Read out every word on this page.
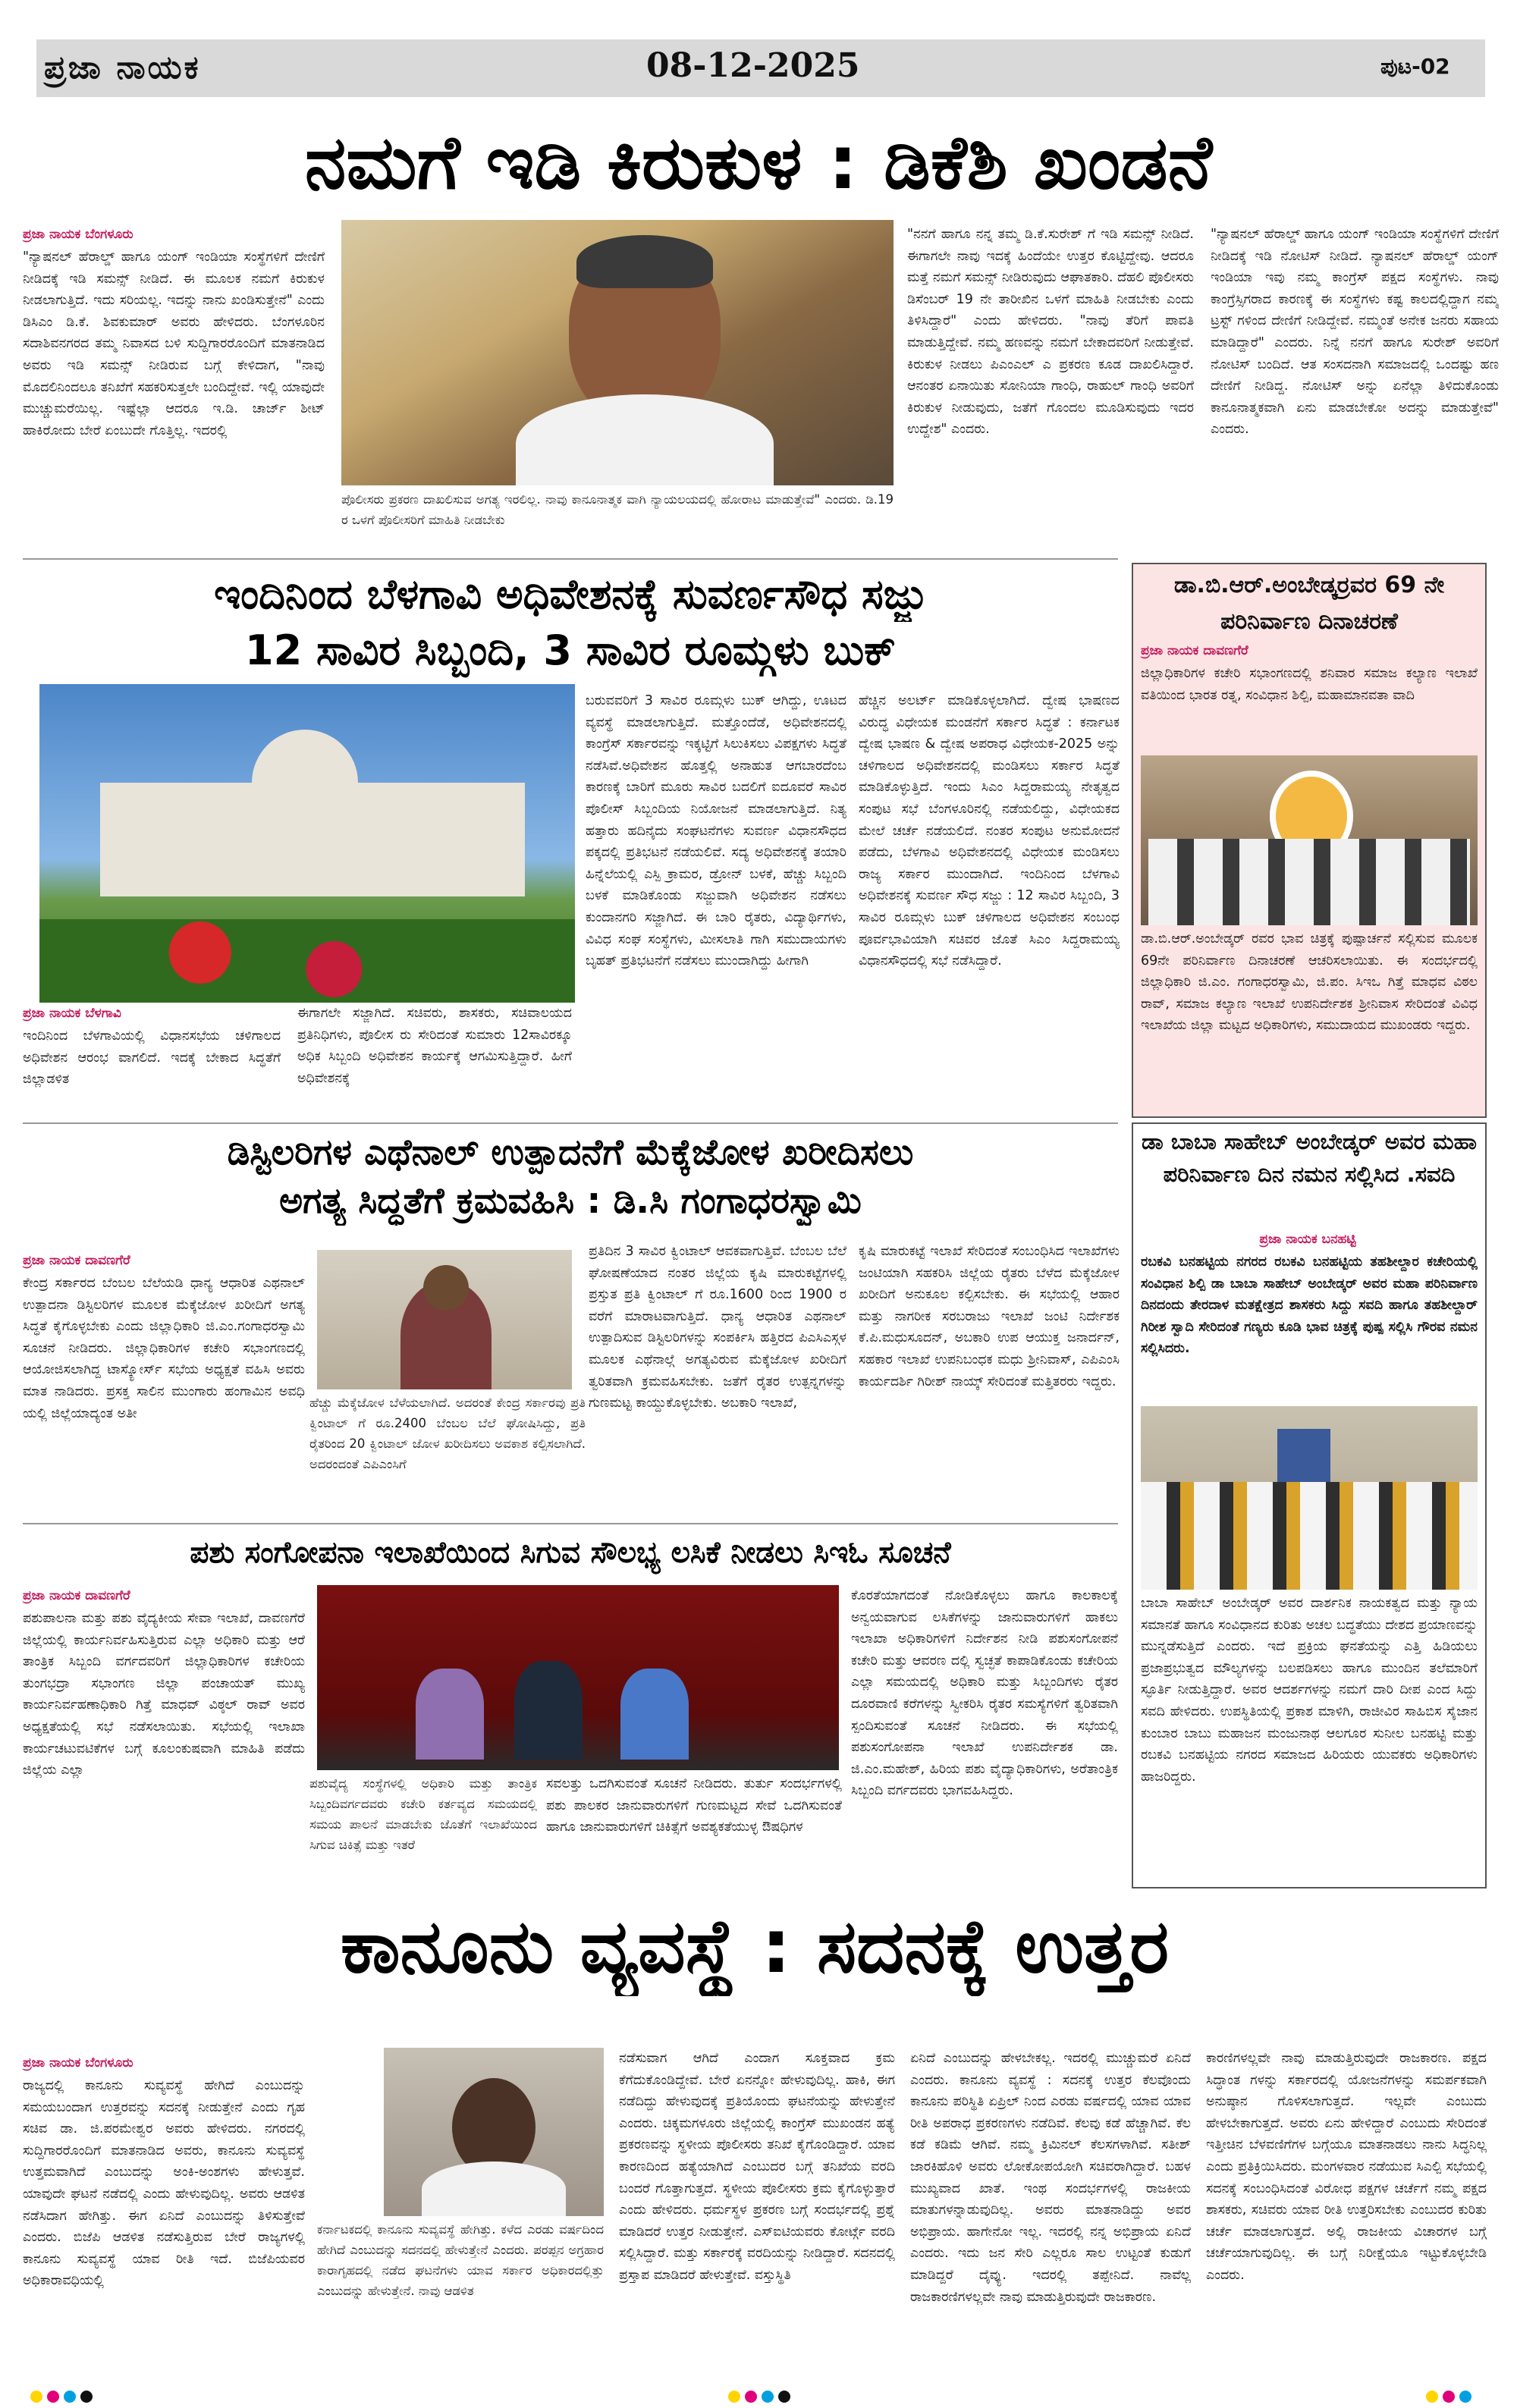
ಪ್ರಜಾ ನಾಯಕ	08-12-2025	ಪುಟ-02
ನಮಗೆ ಇಡಿ ಕಿರುಕುಳ : ಡಿಕೆಶಿ ಖಂಡನೆ
ಪ್ರಜಾ ನಾಯಕ ಬೆಂಗಳೂರು
"ನ್ಯಾಷನಲ್ ಹೆರಾಲ್ಡ್ ಹಾಗೂ ಯಂಗ್ ಇಂಡಿಯಾ ಸಂಸ್ಥೆಗಳಿಗೆ ದೇಣಿಗೆ ನೀಡಿದಕ್ಕೆ ಇಡಿ ಸಮನ್ಸ್ ನೀಡಿದೆ. ಈ ಮೂಲಕ ನಮಗೆ ಕಿರುಕುಳ ನೀಡಲಾಗುತ್ತಿದೆ. ಇದು ಸರಿಯಲ್ಲ. ಇದನ್ನು ನಾನು ಖಂಡಿಸುತ್ತೇನೆ" ಎಂದು ಡಿಸಿಎಂ ಡಿ.ಕೆ. ಶಿವಕುಮಾರ್ ಅವರು ಹೇಳಿದರು. ಬೆಂಗಳೂರಿನ ಸದಾಶಿವನಗರದ ತಮ್ಮ ನಿವಾಸದ ಬಳಿ ಸುದ್ದಿಗಾರರೊಂದಿಗೆ ಮಾತನಾಡಿದ ಅವರು ಇಡಿ ಸಮನ್ಸ್ ನೀಡಿರುವ ಬಗ್ಗೆ ಕೇಳಿದಾಗ, "ನಾವು ಮೊದಲಿನಿಂದಲೂ ತನಿಖೆಗೆ ಸಹಕರಿಸುತ್ತಲೇ ಬಂದಿದ್ದೇವೆ. ಇಲ್ಲಿ ಯಾವುದೇ ಮುಚ್ಚುಮರೆಯಿಲ್ಲ. ಇಷ್ಟೆಲ್ಲಾ ಆದರೂ ಇ.ಡಿ. ಚಾರ್ಜ್ ಶೀಟ್ ಹಾಕಿರೋದು ಬೇರೆ ಏಂಬುದೇ ಗೊತ್ತಿಲ್ಲ. ಇದರಲ್ಲಿ
ಪೊಲೀಸರು ಪ್ರಕರಣ ದಾಖಲಿಸುವ ಅಗತ್ಯ ಇರಲಿಲ್ಲ. ನಾವು ಕಾನೂನಾತ್ಮಕ ವಾಗಿ ನ್ಯಾಯಲಯದಲ್ಲಿ ಹೋರಾಟ ಮಾಡುತ್ತೇವೆ" ಎಂದರು. ಡಿ.19 ರ ಒಳಗೆ ಪೊಲೀಸರಿಗೆ ಮಾಹಿತಿ ನೀಡಬೇಕು
"ನನಗೆ ಹಾಗೂ ನನ್ನ ತಮ್ಮ ಡಿ.ಕೆ.ಸುರೇಶ್ ಗೆ ಇಡಿ ಸಮನ್ಸ್ ನೀಡಿದೆ. ಈಗಾಗಲೇ ನಾವು ಇದಕ್ಕೆ ಹಿಂದೆಯೇ ಉತ್ತರ ಕೊಟ್ಟಿದ್ದೇವು. ಆದರೂ ಮತ್ತೆ ನಮಗೆ ಸಮನ್ಸ್ ನೀಡಿರುವುದು ಆಘಾತಕಾರಿ. ದೆಹಲಿ ಪೊಲೀಸರು ಡಿಸೆಂಬರ್ 19 ನೇ ತಾರೀಖಿನ ಒಳಗೆ ಮಾಹಿತಿ ನೀಡಬೇಕು ಎಂದು ತಿಳಿಸಿದ್ದಾರೆ" ಎಂದು ಹೇಳಿದರು. "ನಾವು ತೆರಿಗೆ ಪಾವತಿ ಮಾಡುತ್ತಿದ್ದೇವೆ. ನಮ್ಮ ಹಣವನ್ನು ನಮಗೆ ಬೇಕಾದವರಿಗೆ ನೀಡುತ್ತೇವೆ. ಕಿರುಕುಳ ನೀಡಲು ಪಿಎಂಎಲ್ ಎ ಪ್ರಕರಣ ಕೂಡ ದಾಖಲಿಸಿದ್ದಾರೆ. ಆನಂತರ ಏನಾಯಿತು ಸೋನಿಯಾ ಗಾಂಧಿ, ರಾಹುಲ್ ಗಾಂಧಿ ಅವರಿಗೆ ಕಿರುಕುಳ ನೀಡುವುದು, ಜತೆಗೆ ಗೊಂದಲ ಮೂಡಿಸುವುದು ಇದರ ಉದ್ದೇಶ" ಎಂದರು.
"ನ್ಯಾಷನಲ್ ಹೆರಾಲ್ಡ್ ಹಾಗೂ ಯಂಗ್ ಇಂಡಿಯಾ ಸಂಸ್ಥೆಗಳಿಗೆ ದೇಣಿಗೆ ನೀಡಿದಕ್ಕೆ ಇಡಿ ನೋಟಿಸ್ ನೀಡಿದೆ. ನ್ಯಾಷನಲ್ ಹೆರಾಲ್ಡ್ ಯಂಗ್ ಇಂಡಿಯಾ ಇವು ನಮ್ಮ ಕಾಂಗ್ರೆಸ್ ಪಕ್ಷದ ಸಂಸ್ಥೆಗಳು. ನಾವು ಕಾಂಗ್ರೆಸ್ಸಿಗರಾದ ಕಾರಣಕ್ಕೆ ಈ ಸಂಸ್ಥೆಗಳು ಕಷ್ಟ ಕಾಲದಲ್ಲಿದ್ದಾಗ ನಮ್ಮ ಟ್ರಸ್ಟ್ ಗಳಿಂದ ದೇಣಿಗೆ ನೀಡಿದ್ದೇವೆ. ನಮ್ಮಂತೆ ಅನೇಕ ಜನರು ಸಹಾಯ ಮಾಡಿದ್ದಾರೆ" ಎಂದರು. ನಿನ್ನೆ ನನಗೆ ಹಾಗೂ ಸುರೇಶ್ ಅವರಿಗೆ ನೋಟಿಸ್ ಬಂದಿದೆ. ಆತ ಸಂಸದನಾಗಿ ಸಮಾಜದಲ್ಲಿ ಒಂದಷ್ಟು ಹಣ ದೇಣಿಗೆ ನೀಡಿದ್ದ. ನೋಟಿಸ್ ಅನ್ನು ಏನೆಲ್ಲಾ ತಿಳಿದುಕೊಂಡು ಕಾನೂನಾತ್ಮಕವಾಗಿ ಏನು ಮಾಡಬೇಕೋ ಅದನ್ನು ಮಾಡುತ್ತೇವೆ" ಎಂದರು.
ಇಂದಿನಿಂದ ಬೆಳಗಾವಿ ಅಧಿವೇಶನಕ್ಕೆ ಸುವರ್ಣಸೌಧ ಸಜ್ಜು
12 ಸಾವಿರ ಸಿಬ್ಬಂದಿ, 3 ಸಾವಿರ ರೂಮ್ಗಳು ಬುಕ್
ಪ್ರಜಾ ನಾಯಕ ಬೆಳಗಾವಿ
ಇಂದಿನಿಂದ ಬೆಳಗಾವಿಯಲ್ಲಿ ವಿಧಾನಸಭೆಯ ಚಳಿಗಾಲದ ಅಧಿವೇಶನ ಆರಂಭ ವಾಗಲಿದೆ. ಇದಕ್ಕೆ ಬೇಕಾದ ಸಿದ್ಧತೆಗೆ ಜಿಲ್ಲಾಡಳಿತ
ಈಗಾಗಲೇ ಸಜ್ಜಾಗಿದೆ. ಸಚಿವರು, ಶಾಸಕರು, ಸಚಿವಾಲಯದ ಪ್ರತಿನಿಧಿಗಳು, ಪೊಲೀಸ ರು ಸೇರಿದಂತೆ ಸುಮಾರು 12ಸಾವಿರಕ್ಕೂ ಅಧಿಕ ಸಿಬ್ಬಂದಿ ಅಧಿವೇಶನ ಕಾರ್ಯಕ್ಕೆ ಆಗಮಿಸುತ್ತಿದ್ದಾರೆ. ಹೀಗೆ ಅಧಿವೇಶನಕ್ಕೆ
ಬರುವವರಿಗೆ 3 ಸಾವಿರ ರೂಮ್ಗಳು ಬುಕ್ ಆಗಿದ್ದು, ಊಟದ ವ್ಯವಸ್ಥೆ ಮಾಡಲಾಗುತ್ತಿದೆ. ಮತ್ತೊಂದೆಡೆ, ಅಧಿವೇಶನದಲ್ಲಿ ಕಾಂಗ್ರೆಸ್ ಸರ್ಕಾರವನ್ನು ಇಕ್ಕಟ್ಟಿಗೆ ಸಿಲುಕಿಸಲು ವಿಪಕ್ಷಗಳು ಸಿದ್ಧತೆ ನಡೆಸಿವೆ.ಅಧಿವೇಶನ ಹೊತ್ತಲ್ಲಿ ಅನಾಹುತ ಆಗಬಾರದೆಂಬ ಕಾರಣಕ್ಕೆ ಬಾರಿಗೆ ಮೂರು ಸಾವಿರ ಬದಲಿಗೆ ಐದೂವರೆ ಸಾವಿರ ಪೊಲೀಸ್ ಸಿಬ್ಬಂದಿಯ ನಿಯೋಜನೆ ಮಾಡಲಾಗುತ್ತಿದೆ. ನಿತ್ಯ ಹತ್ತಾರು ಹದಿನೈದು ಸಂಘಟನೆಗಳು ಸುವರ್ಣ ವಿಧಾನಸೌಧದ ಪಕ್ಕದಲ್ಲಿ ಪ್ರತಿಭಟನೆ ನಡೆಯಲಿವೆ. ಸದ್ಯ ಅಧಿವೇಶನಕ್ಕೆ ತಯಾರಿ ಹಿನ್ನೆಲೆಯಲ್ಲಿ ಎಸ್ಪಿ ಕ್ರಾಮರ, ಡ್ರೋನ್ ಬಳಕೆ, ಹೆಚ್ಚು ಸಿಬ್ಬಂದಿ ಬಳಕೆ ಮಾಡಿಕೊಂಡು ಸಜ್ಜುವಾಗಿ ಅಧಿವೇಶನ ನಡೆಸಲು ಕುಂದಾನಗರಿ ಸಜ್ಜಾಗಿದೆ. ಈ ಬಾರಿ ರೈತರು, ವಿದ್ಯಾರ್ಥಿಗಳು, ವಿವಿಧ ಸಂಘ ಸಂಸ್ಥೆಗಳು, ಮೀಸಲಾತಿ ಗಾಗಿ ಸಮುದಾಯಗಳು ಬೃಹತ್ ಪ್ರತಿಭಟನೆಗೆ ನಡೆಸಲು ಮುಂದಾಗಿದ್ದು ಹೀಗಾಗಿ
ಹೆಚ್ಚಿನ ಅಲರ್ಟ್ ಮಾಡಿಕೊಳ್ಳಲಾಗಿದೆ. ದ್ವೇಷ ಭಾಷಣದ ವಿರುದ್ಧ ವಿಧೇಯಕ ಮಂಡನೆಗೆ ಸರ್ಕಾರ ಸಿದ್ಧತೆ : ಕರ್ನಾಟಕ ದ್ವೇಷ ಭಾಷಣ & ದ್ವೇಷ ಅಪರಾಧ ವಿಧೇಯಕ-2025 ಅನ್ನು ಚಳಿಗಾಲದ ಅಧಿವೇಶನದಲ್ಲಿ ಮಂಡಿಸಲು ಸರ್ಕಾರ ಸಿದ್ಧತೆ ಮಾಡಿಕೊಳ್ಳುತ್ತಿದೆ. ಇಂದು ಸಿಎಂ ಸಿದ್ದರಾಮಯ್ಯ ನೇತೃತ್ವದ ಸಂಪುಟ ಸಭೆ ಬೆಂಗಳೂರಿನಲ್ಲಿ ನಡೆಯಲಿದ್ದು, ವಿಧೇಯಕದ ಮೇಲೆ ಚರ್ಚೆ ನಡೆಯಲಿದೆ. ನಂತರ ಸಂಪುಟ ಅನುಮೋದನೆ ಪಡೆದು, ಬೆಳಗಾವಿ ಅಧಿವೇಶನದಲ್ಲಿ ವಿಧೇಯಕ ಮಂಡಿಸಲು ರಾಜ್ಯ ಸರ್ಕಾರ ಮುಂದಾಗಿದೆ. ಇಂದಿನಿಂದ ಬೆಳಗಾವಿ ಅಧಿವೇಶನಕ್ಕೆ ಸುವರ್ಣ ಸೌಧ ಸಜ್ಜು : 12 ಸಾವಿರ ಸಿಬ್ಬಂದಿ, 3 ಸಾವಿರ ರೂಮ್ಗಳು ಬುಕ್ ಚಳಿಗಾಲದ ಅಧಿವೇಶನ ಸಂಬಂಧ ಪೂರ್ವಭಾವಿಯಾಗಿ ಸಚಿವರ ಜೊತೆ ಸಿಎಂ ಸಿದ್ದರಾಮಯ್ಯ ವಿಧಾನಸೌಧದಲ್ಲಿ ಸಭೆ ನಡೆಸಿದ್ದಾರೆ.
ಡಾ.ಬಿ.ಆರ್.ಅಂಬೇಡ್ಕರ್ರವರ 69 ನೇ ಪರಿನಿರ್ವಾಣ ದಿನಾಚರಣೆ
ಪ್ರಜಾ ನಾಯಕ ದಾವಣಗೆರೆ
ಜಿಲ್ಲಾಧಿಕಾರಿಗಳ ಕಚೇರಿ ಸಭಾಂಗಣದಲ್ಲಿ ಶನಿವಾರ ಸಮಾಜ ಕಲ್ಯಾಣ ಇಲಾಖೆ ವತಿಯಿಂದ ಭಾರತ ರತ್ನ, ಸಂವಿಧಾನ ಶಿಲ್ಪಿ, ಮಹಾಮಾನವತಾ ವಾದಿ
ಡಾ.ಬಿ.ಆರ್.ಅಂಬೇಡ್ಕರ್ ರವರ ಭಾವ ಚಿತ್ರಕ್ಕೆ ಪುಷ್ಪಾರ್ಚನೆ ಸಲ್ಲಿಸುವ ಮೂಲಕ 69ನೇ ಪರಿನಿರ್ವಾಣ ದಿನಾಚರಣೆ ಆಚರಿಸಲಾಯಿತು. ಈ ಸಂದರ್ಭದಲ್ಲಿ ಜಿಲ್ಲಾಧಿಕಾರಿ ಜಿ.ಎಂ. ಗಂಗಾಧರಸ್ವಾಮಿ, ಜಿ.ಪಂ. ಸಿಇಒ ಗಿತ್ತೆ ಮಾಧವ ವಿಠಲ ರಾವ್, ಸಮಾಜ ಕಲ್ಯಾಣ ಇಲಾಖೆ ಉಪನಿರ್ದೇಶಕ ಶ್ರೀನಿವಾಸ ಸೇರಿದಂತೆ ವಿವಿಧ ಇಲಾಖೆಯ ಜಿಲ್ಲಾ ಮಟ್ಟದ ಅಧಿಕಾರಿಗಳು, ಸಮುದಾಯದ ಮುಖಂಡರು ಇದ್ದರು.
ಡಿಸ್ಟಿಲರಿಗಳ ಎಥೆನಾಲ್ ಉತ್ಪಾದನೆಗೆ ಮೆಕ್ಕೆಜೋಳ ಖರೀದಿಸಲು
ಅಗತ್ಯ ಸಿದ್ಧತೆಗೆ ಕ್ರಮವಹಿಸಿ : ಡಿ.ಸಿ ಗಂಗಾಧರಸ್ವಾಮಿ
ಪ್ರಜಾ ನಾಯಕ ದಾವಣಗೆರೆ
ಕೇಂದ್ರ ಸರ್ಕಾರದ ಬೆಂಬಲ ಬೆಲೆಯಡಿ ಧಾನ್ಯ ಆಧಾರಿತ ಎಥನಾಲ್ ಉತ್ಪಾದನಾ ಡಿಸ್ಟಿಲರಿಗಳ ಮೂಲಕ ಮೆಕ್ಕೆಜೋಳ ಖರೀದಿಗೆ ಅಗತ್ಯ ಸಿದ್ಧತೆ ಕೈಗೊಳ್ಳಬೇಕು ಎಂದು ಜಿಲ್ಲಾಧಿಕಾರಿ ಜಿ.ಎಂ.ಗಂಗಾಧರಸ್ವಾಮಿ ಸೂಚನೆ ನೀಡಿದರು. ಜಿಲ್ಲಾಧಿಕಾರಿಗಳ ಕಚೇರಿ ಸಭಾಂಗಣದಲ್ಲಿ ಆಯೋಜಿಸಲಾಗಿದ್ದ ಟಾಸ್ಕ್ಫೋರ್ಸ್ ಸಭೆಯ ಅಧ್ಯಕ್ಷತೆ ವಹಿಸಿ ಅವರು ಮಾತ ನಾಡಿದರು. ಪ್ರಸಕ್ತ ಸಾಲಿನ ಮುಂಗಾರು ಹಂಗಾಮಿನ ಅವಧಿ ಯಲ್ಲಿ ಜಿಲ್ಲೆಯಾದ್ಯಂತ ಅತೀ
ಹೆಚ್ಚು ಮೆಕ್ಕೆಜೋಳ ಬೆಳೆಯಲಾಗಿದೆ. ಅದರಂತೆ ಕೇಂದ್ರ ಸರ್ಕಾರವು ಪ್ರತಿ ಕ್ವಿಂಟಾಲ್ ಗೆ ರೂ.2400 ಬೆಂಬಲ ಬೆಲೆ ಘೋಷಿಸಿದ್ದು, ಪ್ರತಿ ರೈತರಿಂದ 20 ಕ್ವಿಂಟಾಲ್ ಜೋಳ ಖರೀದಿಸಲು ಅವಕಾಶ ಕಲ್ಪಿಸಲಾಗಿದೆ. ಅದರಂದಂತೆ ಎಪಿಎಂಸಿಗೆ
ಪ್ರತಿದಿನ 3 ಸಾವಿರ ಕ್ವಿಂಟಾಲ್ ಆವಕವಾಗುತ್ತಿವೆ. ಬೆಂಬಲ ಬೆಲೆ ಘೋಷಣೆಯಾದ ನಂತರ ಜಿಲ್ಲೆಯ ಕೃಷಿ ಮಾರುಕಟ್ಟೆಗಳಲ್ಲಿ ಪ್ರಸ್ತುತ ಪ್ರತಿ ಕ್ವಿಂಟಾಲ್ ಗೆ ರೂ.1600 ರಿಂದ 1900 ರ ವರೆಗೆ ಮಾರಾಟವಾಗುತ್ತಿದೆ. ಧಾನ್ಯ ಆಧಾರಿತ ಎಥನಾಲ್ ಉತ್ಪಾದಿಸುವ ಡಿಸ್ಟಿಲರಿಗಳನ್ನು ಸಂಪರ್ಕಿಸಿ ಹತ್ತಿರದ ಪಿಎಸಿಎಸ್ಗಳ ಮೂಲಕ ಎಥೆನಾಲ್ಗೆ ಅಗತ್ಯವಿರುವ ಮೆಕ್ಕೆಜೋಳ ಖರೀದಿಗೆ ತ್ವರಿತವಾಗಿ ಕ್ರಮವಹಿಸಬೇಕು. ಜತೆಗೆ ರೈತರ ಉತ್ಪನ್ನಗಳನ್ನು ಗುಣಮಟ್ಟ ಕಾಯ್ದುಕೊಳ್ಳಬೇಕು. ಅಬಕಾರಿ ಇಲಾಖೆ,
ಕೃಷಿ ಮಾರುಕಟ್ಟೆ ಇಲಾಖೆ ಸೇರಿದಂತೆ ಸಂಬಂಧಿಸಿದ ಇಲಾಖೆಗಳು ಜಂಟಿಯಾಗಿ ಸಹಕರಿಸಿ ಜಿಲ್ಲೆಯ ರೈತರು ಬೆಳೆದ ಮೆಕ್ಕೆಜೋಳ ಖರೀದಿಗೆ ಅನುಕೂಲ ಕಲ್ಪಿಸಬೇಕು. ಈ ಸಭೆಯಲ್ಲಿ ಆಹಾರ ಮತ್ತು ನಾಗರೀಕ ಸರಬರಾಜು ಇಲಾಖೆ ಜಂಟಿ ನಿರ್ದೇಶಕ ಕೆ.ಪಿ.ಮಧುಸೂದನ್, ಅಬಕಾರಿ ಉಪ ಆಯುಕ್ತ ಜನಾರ್ದನ್, ಸಹಕಾರ ಇಲಾಖೆ ಉಪನಿಬಂಧಕ ಮಧು ಶ್ರೀನಿವಾಸ್, ಎಪಿಎಂಸಿ ಕಾರ್ಯದರ್ಶಿ ಗಿರೀಶ್ ನಾಯ್ಕ್ ಸೇರಿದಂತೆ ಮತ್ತಿತರರು ಇದ್ದರು.
ಡಾ ಬಾಬಾ ಸಾಹೇಬ್ ಅಂಬೇಡ್ಕರ್ ಅವರ ಮಹಾ ಪರಿನಿರ್ವಾಣ ದಿನ ನಮನ ಸಲ್ಲಿಸಿದ .ಸವದಿ
ಪ್ರಜಾ ನಾಯಕ ಬನಹಟ್ಟಿ
ರಬಕವಿ ಬನಹಟ್ಟಿಯ ನಗರದ ರಬಕವಿ ಬನಹಟ್ಟಿಯ ತಹಶೀಲ್ದಾರ ಕಚೇರಿಯಲ್ಲಿ ಸಂವಿಧಾನ ಶಿಲ್ಪಿ ಡಾ ಬಾಬಾ ಸಾಹೇಬ್ ಅಂಬೇಡ್ಕರ್ ಅವರ ಮಹಾ ಪರಿನಿರ್ವಾಣ ದಿನದಂದು ತೇರದಾಳ ಮತಕ್ಷೇತ್ರದ ಶಾಸಕರು ಸಿದ್ದು ಸವದಿ ಹಾಗೂ ತಹಶೀಲ್ದಾರ್ ಗಿರೀಶ ಸ್ವಾದಿ ಸೇರಿದಂತೆ ಗಣ್ಯರು ಕೂಡಿ ಭಾವ ಚಿತ್ರಕ್ಕೆ ಪುಷ್ಪ ಸಲ್ಲಿಸಿ ಗೌರವ ನಮನ ಸಲ್ಲಿಸಿದರು.
ಬಾಬಾ ಸಾಹೇಬ್ ಅಂಬೇಡ್ಕರ್ ಅವರ ದಾರ್ಶನಿಕ ನಾಯಕತ್ವದ ಮತ್ತು ನ್ಯಾಯ ಸಮಾನತೆ ಹಾಗೂ ಸಂವಿಧಾನದ ಕುರಿತು ಅಚಲ ಬದ್ಧತೆಯು ದೇಶದ ಪ್ರಯಾಣವನ್ನು ಮುನ್ನಡೆಸುತ್ತಿದೆ ಎಂದರು. ಇದೆ ಪ್ರಕ್ರಿಯ ಘನತೆಯನ್ನು ಎತ್ತಿ ಹಿಡಿಯಲು ಪ್ರಜಾಪ್ರಭುತ್ವದ ಮೌಲ್ಯಗಳನ್ನು ಬಲಪಡಿಸಲು ಹಾಗೂ ಮುಂದಿನ ತಲೆಮಾರಿಗೆ ಸ್ಫೂರ್ತಿ ನೀಡುತ್ತಿದ್ದಾರೆ. ಅವರ ಆದರ್ಶಗಳನ್ನು ನಮಗೆ ದಾರಿ ದೀಪ ಎಂದ ಸಿದ್ದು ಸವದಿ ಹೇಳಿದರು. ಉಪಸ್ಥಿತಿಯಲ್ಲಿ ಪ್ರಕಾಶ ಮಾಳಿಗಿ, ರಾಜೀವಿರ ಸಾಹಿಬಿಸ ಸೈಜಾನ ಕುಂಬಾರ ಬಾಬು ಮಹಾಜನ ಮಂಜುನಾಥ ಆಲಗೂರ ಸುನೀಲ ಬನಹಟ್ಟಿ ಮತ್ತು ರಬಕವಿ ಬನಹಟ್ಟಿಯ ನಗರದ ಸಮಾಜದ ಹಿರಿಯರು ಯುವಕರು ಅಧಿಕಾರಿಗಳು ಹಾಜರಿದ್ದರು.
ಪಶು ಸಂಗೋಪನಾ ಇಲಾಖೆಯಿಂದ ಸಿಗುವ ಸೌಲಭ್ಯ ಲಸಿಕೆ ನೀಡಲು ಸಿಇಓ ಸೂಚನೆ
ಪ್ರಜಾ ನಾಯಕ ದಾವಣಗೆರೆ
ಪಶುಪಾಲನಾ ಮತ್ತು ಪಶು ವೈದ್ಯಕೀಯ ಸೇವಾ ಇಲಾಖೆ, ದಾವಣಗೆರೆ ಜಿಲ್ಲೆಯಲ್ಲಿ ಕಾರ್ಯನಿರ್ವಹಿಸುತ್ತಿರುವ ಎಲ್ಲಾ ಅಧಿಕಾರಿ ಮತ್ತು ಆರೆ ತಾಂತ್ರಿಕ ಸಿಬ್ಬಂದಿ ವರ್ಗದವರಿಗೆ ಜಿಲ್ಲಾಧಿಕಾರಿಗಳ ಕಚೇರಿಯ ತುಂಗಭದ್ರಾ ಸಭಾಂಗಣ ಜಿಲ್ಲಾ ಪಂಚಾಯತ್ ಮುಖ್ಯ ಕಾರ್ಯನಿರ್ವಹಣಾಧಿಕಾರಿ ಗಿತ್ತೆ ಮಾಧವ್ ವಿಠ್ಠಲ್ ರಾವ್ ಅವರ ಅಧ್ಯಕ್ಷತೆಯಲ್ಲಿ ಸಭೆ ನಡೆಸಲಾಯಿತು. ಸಭೆಯಲ್ಲಿ ಇಲಾಖಾ ಕಾರ್ಯಚಟುವಟಿಕೆಗಳ ಬಗ್ಗೆ ಕೂಲಂಕುಷವಾಗಿ ಮಾಹಿತಿ ಪಡೆದು ಜಿಲ್ಲೆಯ ಎಲ್ಲಾ
ಪಶುವೈದ್ಯ ಸಂಸ್ಥೆಗಳಲ್ಲಿ ಅಧಿಕಾರಿ ಮತ್ತು ತಾಂತ್ರಿಕ ಸಿಬ್ಬಂದಿವರ್ಗದವರು ಕಚೇರಿ ಕರ್ತವ್ಯದ ಸಮಯದಲ್ಲಿ ಸಮಯ ಪಾಲನೆ ಮಾಡಬೇಕು ಜೊತೆಗೆ ಇಲಾಖೆಯಿಂದ ಸಿಗುವ ಚಿಕಿತ್ಸೆ ಮತ್ತು ಇತರೆ
ಸವಲತ್ತು ಒದಗಿಸುವಂತೆ ಸೂಚನೆ ನೀಡಿದರು. ತುರ್ತು ಸಂದರ್ಭಗಳಲ್ಲಿ ಪಶು ಪಾಲಕರ ಜಾನುವಾರುಗಳಿಗೆ ಗುಣಮಟ್ಟದ ಸೇವೆ ಒದಗಿಸುವಂತೆ ಹಾಗೂ ಜಾನುವಾರುಗಳಿಗೆ ಚಿಕಿತ್ಸೆಗೆ ಅವಶ್ಯಕತೆಯುಳ್ಳ ಔಷಧಿಗಳ
ಕೊರತೆಯಾಗದಂತೆ ನೋಡಿಕೊಳ್ಳಲು ಹಾಗೂ ಕಾಲಕಾಲಕ್ಕೆ ಅನ್ವಯವಾಗುವ ಲಸಿಕೆಗಳನ್ನು ಜಾನುವಾರುಗಳಿಗೆ ಹಾಕಲು ಇಲಾಖಾ ಅಧಿಕಾರಿಗಳಿಗೆ ನಿರ್ದೇಶನ ನೀಡಿ ಪಶುಸಂಗೋಪನೆ ಕಚೇರಿ ಮತ್ತು ಆವರಣ ದಲ್ಲಿ ಸ್ವಚ್ಛತೆ ಕಾಪಾಡಿಕೊಂಡು ಕಚೇರಿಯ ಎಲ್ಲಾ ಸಮಯದಲ್ಲಿ ಅಧಿಕಾರಿ ಮತ್ತು ಸಿಬ್ಬಂದಿಗಳು ರೈತರ ದೂರವಾಣಿ ಕರೆಗಳನ್ನು ಸ್ವೀಕರಿಸಿ ರೈತರ ಸಮಸ್ಯೆಗಳಿಗೆ ತ್ವರಿತವಾಗಿ ಸ್ಪಂದಿಸುವಂತೆ ಸೂಚನೆ ನೀಡಿದರು. ಈ ಸಭೆಯಲ್ಲಿ ಪಶುಸಂಗೋಪನಾ ಇಲಾಖೆ ಉಪನಿರ್ದೇಶಕ ಡಾ. ಜಿ.ಎಂ.ಮಹೇಶ್, ಹಿರಿಯ ಪಶು ವೈದ್ಯಾಧಿಕಾರಿಗಳು, ಅರೆತಾಂತ್ರಿಕ ಸಿಬ್ಬಂದಿ ವರ್ಗದವರು ಭಾಗವಹಿಸಿದ್ದರು.
ಕಾನೂನು ವ್ಯವಸ್ಥೆ : ಸದನಕ್ಕೆ ಉತ್ತರ
ಪ್ರಜಾ ನಾಯಕ ಬೆಂಗಳೂರು
ರಾಜ್ಯದಲ್ಲಿ ಕಾನೂನು ಸುವ್ಯವಸ್ಥೆ ಹೇಗಿದೆ ಎಂಬುದನ್ನು ಸಮಯಬಂದಾಗ ಉತ್ತರವನ್ನು ಸದನಕ್ಕೆ ನೀಡುತ್ತೇನೆ ಎಂದು ಗೃಹ ಸಚಿವ ಡಾ. ಜಿ.ಪರಮೇಶ್ವರ ಅವರು ಹೇಳಿದರು. ನಗರದಲ್ಲಿ ಸುದ್ದಿಗಾರರೊಂದಿಗೆ ಮಾತನಾಡಿದ ಅವರು, ಕಾನೂನು ಸುವ್ಯವಸ್ಥೆ ಉತ್ತಮವಾಗಿದೆ ಎಂಬುದನ್ನು ಅಂಕಿ-ಅಂಶಗಳು ಹೇಳುತ್ತವೆ. ಯಾವುದೇ ಘಟನೆ ನಡೆದಲ್ಲಿ ಎಂದು ಹೇಳುವುದಿಲ್ಲ. ಅವರು ಆಡಳಿತ ನಡೆಸಿದಾಗ ಹೇಗಿತ್ತು. ಈಗ ಏನಿದೆ ಎಂಬುದನ್ನು ತಿಳಿಸುತ್ತೇವೆ ಎಂದರು. ಬಿಜೆಪಿ ಆಡಳಿತ ನಡೆಸುತ್ತಿರುವ ಬೇರೆ ರಾಜ್ಯಗಳಲ್ಲಿ ಕಾನೂನು ಸುವ್ಯವಸ್ಥೆ ಯಾವ ರೀತಿ ಇದೆ. ಬಿಜೆಪಿಯವರ ಅಧಿಕಾರಾವಧಿಯಲ್ಲಿ
ಕರ್ನಾಟಕದಲ್ಲಿ ಕಾನೂನು ಸುವ್ಯವಸ್ಥೆ ಹೇಗಿತ್ತು. ಕಳೆದ ಎರಡು ವರ್ಷದಿಂದ ಹೇಗಿದೆ ಎಂಬುದನ್ನು ಸದನದಲ್ಲಿ ಹೇಳುತ್ತೇನೆ ಎಂದರು. ಪರಪ್ಪನ ಅಗ್ರಹಾರ ಕಾರಾಗೃಹದಲ್ಲಿ ನಡೆದ ಘಟನೆಗಳು ಯಾವ ಸರ್ಕಾರ ಅಧಿಕಾರದಲ್ಲಿತ್ತು ಎಂಬುದನ್ನು ಹೇಳುತ್ತೇನೆ. ನಾವು ಆಡಳಿತ
ನಡೆಸುವಾಗ ಆಗಿದೆ ಎಂದಾಗ ಸೂಕ್ತವಾದ ಕ್ರಮ ಕೆಗೆದುಕೊಂಡಿದ್ದೇವೆ. ಬೇರೆ ಏನನ್ನೋ ಹೇಳುವುದಿಲ್ಲ. ಹಾಕಿ, ಈಗ ನಡೆದಿದ್ದು ಹೇಳುವುದಕ್ಕೆ ಪ್ರತಿಯೊಂದು ಘಟನೆಯನ್ನು ಹೇಳುತ್ತೇನೆ ಎಂದರು. ಚಿಕ್ಕಮಗಳೂರು ಜಿಲ್ಲೆಯಲ್ಲಿ ಕಾಂಗ್ರೆಸ್ ಮುಖಂಡನ ಹತ್ಯೆ ಪ್ರಕರಣವನ್ನು ಸ್ಥಳೀಯ ಪೊಲೀಸರು ತನಿಖೆ ಕೈಗೊಂಡಿದ್ದಾರೆ. ಯಾವ ಕಾರಣದಿಂದ ಹತ್ಯೆಯಾಗಿದೆ ಎಂಬುದರ ಬಗ್ಗೆ ತನಿಖೆಯ ವರದಿ ಬಂದರೆ ಗೊತ್ತಾಗುತ್ತದೆ. ಸ್ಥಳೀಯ ಪೊಲೀಸರು ಕ್ರಮ ಕೈಗೊಳ್ಳುತ್ತಾರೆ ಎಂದು ಹೇಳಿದರು. ಧರ್ಮಸ್ಥಳ ಪ್ರಕರಣ ಬಗ್ಗೆ ಸಂದರ್ಭದಲ್ಲಿ ಪ್ರಶ್ನೆ ಮಾಡಿದರೆ ಉತ್ತರ ನೀಡುತ್ತೇನೆ. ಎಸ್ಐಟಿಯವರು ಕೋರ್ಟ್ಗೆ ವರದಿ ಸಲ್ಲಿಸಿದ್ದಾರೆ. ಮತ್ತು ಸರ್ಕಾರಕ್ಕೆ ವರದಿಯನ್ನು ನೀಡಿದ್ದಾರೆ. ಸದನದಲ್ಲಿ ಪ್ರಸ್ತಾಪ ಮಾಡಿದರೆ ಹೇಳುತ್ತೇವೆ. ವಸ್ತುಸ್ಥಿತಿ
ಏನಿದೆ ಎಂಬುದನ್ನು ಹೇಳಬೇಕಲ್ಲ. ಇದರಲ್ಲಿ ಮುಚ್ಚುಮರೆ ಏನಿದೆ ಎಂದರು. ಕಾನೂನು ವ್ಯವಸ್ಥೆ : ಸದನಕ್ಕೆ ಉತ್ತರ ಕೆಲವೊಂದು ಕಾನೂನು ಪರಿಸ್ಥಿತಿ ಏಪ್ರಿಲ್ ನಿಂದ ಎರಡು ವರ್ಷದಲ್ಲಿ ಯಾವ ಯಾವ ರೀತಿ ಅಪರಾಧ ಪ್ರಕರಣಗಳು ನಡೆದಿವೆ. ಕೆಲವು ಕಡೆ ಹೆಚ್ಚಾಗಿವೆ. ಕೆಲ ಕಡೆ ಕಡಿಮೆ ಆಗಿವೆ. ನಮ್ಮ ಕ್ರಿಮಿನಲ್ ಕೆಲಸಗಳಾಗಿವೆ. ಸತೀಶ್ ಜಾರಕಿಹೊಳಿ ಅವರು ಲೋಕೋಪಯೋಗಿ ಸಚಿವರಾಗಿದ್ದಾರೆ. ಬಹಳ ಮುಖ್ಯವಾದ ಖಾತೆ. ಇಂಥ ಸಂದರ್ಭಗಳಲ್ಲಿ ರಾಜಕೀಯ ಮಾತುಗಳನ್ನಾಡುವುದಿಲ್ಲ. ಅವರು ಮಾತನಾಡಿದ್ದು ಅವರ ಅಭಿಪ್ರಾಯ. ಹಾಗೇನೋ ಇಲ್ಲ. ಇದರಲ್ಲಿ ನನ್ನ ಅಭಿಪ್ರಾಯ ಏನಿದೆ ಎಂದರು. ಇದು ಜನ ಸೇರಿ ಎಲ್ಲರೂ ಸಾಲ ಉಟ್ಟಂತೆ ಕುಡುಗೆ ಮಾಡಿದ್ದರೆ ದೈವ್ಯು. ಇದರಲ್ಲಿ ತಪ್ಪೇನಿದೆ. ನಾವೆಲ್ಲ ರಾಜಕಾರಣಿಗಳಲ್ಲವೇ ನಾವು ಮಾಡುತ್ತಿರುವುದೇ ರಾಜಕಾರಣ.
ಕಾರಣಿಗಳಲ್ಲವೇ ನಾವು ಮಾಡುತ್ತಿರುವುದೇ ರಾಜಕಾರಣ. ಪಕ್ಷದ ಸಿದ್ಧಾಂತ ಗಳನ್ನು ಸರ್ಕಾರದಲ್ಲಿ ಯೋಜನೆಗಳನ್ನು ಸಮರ್ಪಕವಾಗಿ ಅನುಷ್ಠಾನ ಗೊಳಿಸಲಾಗುತ್ತದೆ. ಇಲ್ಲವೇ ಎಂಬುದು ಹೇಳಬೇಕಾಗುತ್ತದೆ. ಅವರು ಏನು ಹೇಳಿದ್ದಾರೆ ಎಂಬುದು ಸೇರಿದಂತೆ ಇತ್ತೀಚಿನ ಬೆಳವಣಿಗೆಗಳ ಬಗ್ಗೆಯೂ ಮಾತನಾಡಲು ನಾನು ಸಿದ್ಧನಿಲ್ಲ ಎಂದು ಪ್ರತಿಕ್ರಿಯಿಸಿದರು. ಮಂಗಳವಾರ ನಡೆಯುವ ಸಿಎಲ್ಪಿ ಸಭೆಯಲ್ಲಿ ಸದನಕ್ಕೆ ಸಂಬಂಧಿಸಿದಂತೆ ವಿರೋಧ ಪಕ್ಷಗಳ ಚರ್ಚೆಗೆ ನಮ್ಮ ಪಕ್ಷದ ಶಾಸಕರು, ಸಚಿವರು ಯಾವ ರೀತಿ ಉತ್ತರಿಸಬೇಕು ಎಂಬುದರ ಕುರಿತು ಚರ್ಚೆ ಮಾಡಲಾಗುತ್ತದೆ. ಅಲ್ಲಿ ರಾಜಕೀಯ ವಿಚಾರಗಳ ಬಗ್ಗೆ ಚರ್ಚೆಯಾಗುವುದಿಲ್ಲ. ಈ ಬಗ್ಗೆ ನಿರೀಕ್ಷೆಯೂ ಇಟ್ಟುಕೊಳ್ಳಬೇಡಿ ಎಂದರು.
